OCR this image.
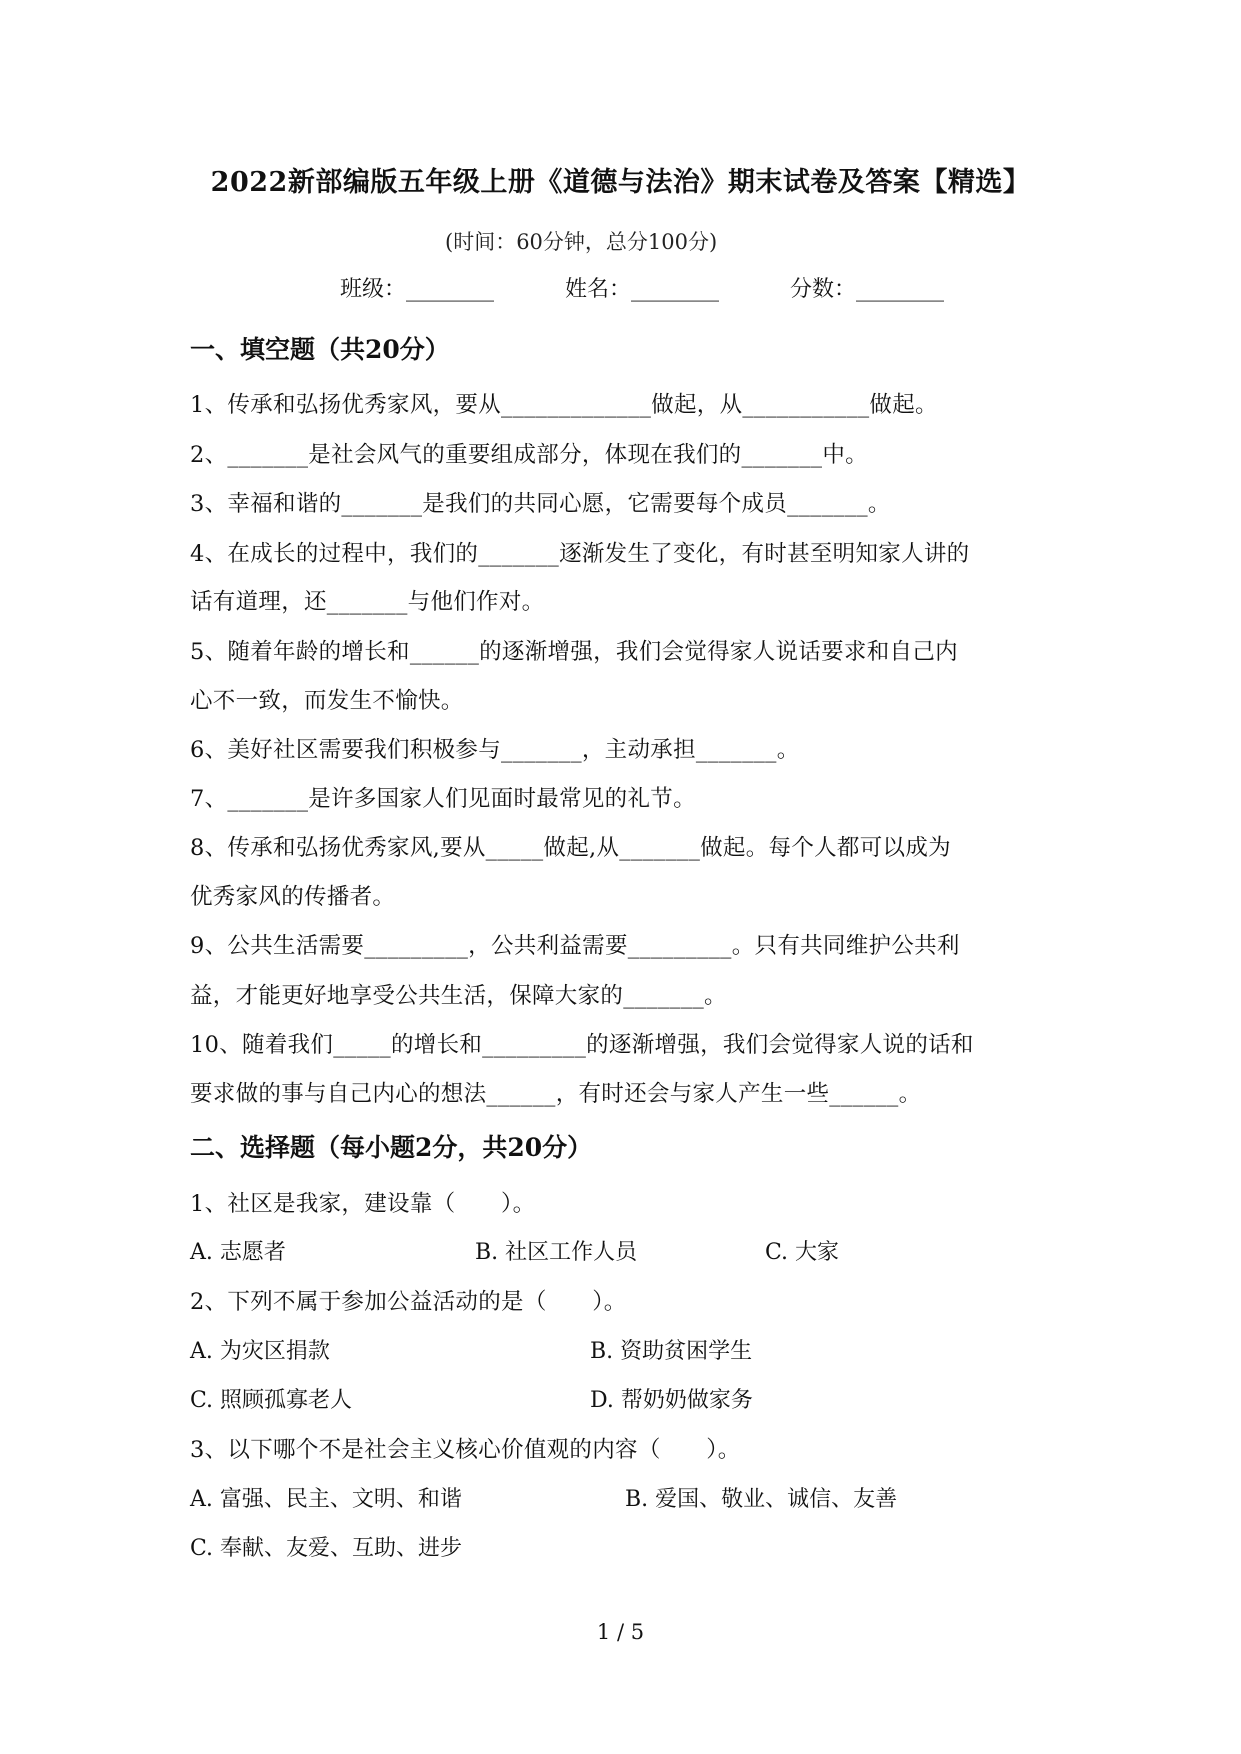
2022新部编版五年级上册《道德与法治》期末试卷及答案【精选】
(时间：60分钟，总分100分)
班级：________	姓名：________	分数：________
一、填空题（共20分）
1、传承和弘扬优秀家风，要从_____________做起，从___________做起。
2、_______是社会风气的重要组成部分，体现在我们的_______中。
3、幸福和谐的_______是我们的共同心愿，它需要每个成员_______。
4、在成长的过程中，我们的_______逐渐发生了变化，有时甚至明知家人讲的
话有道理，还_______与他们作对。
5、随着年龄的增长和______的逐渐增强，我们会觉得家人说话要求和自己内
心不一致，而发生不愉快。
6、美好社区需要我们积极参与_______，主动承担_______。
7、_______是许多国家人们见面时最常见的礼节。
8、传承和弘扬优秀家风,要从_____做起,从_______做起。每个人都可以成为
优秀家风的传播者。
9、公共生活需要_________，公共利益需要_________。只有共同维护公共利
益，才能更好地享受公共生活，保障大家的_______。
10、随着我们_____的增长和_________的逐渐增强，我们会觉得家人说的话和
要求做的事与自己内心的想法______，有时还会与家人产生一些______。
二、选择题（每小题2分，共20分）
1、社区是我家，建设靠（　　）。
A. 志愿者	B. 社区工作人员	C. 大家
2、下列不属于参加公益活动的是（　　）。
A. 为灾区捐款	B. 资助贫困学生
C. 照顾孤寡老人	D. 帮奶奶做家务
3、以下哪个不是社会主义核心价值观的内容（　　）。
A. 富强、民主、文明、和谐	B. 爱国、敬业、诚信、友善
C. 奉献、友爱、互助、进步
1 / 5
